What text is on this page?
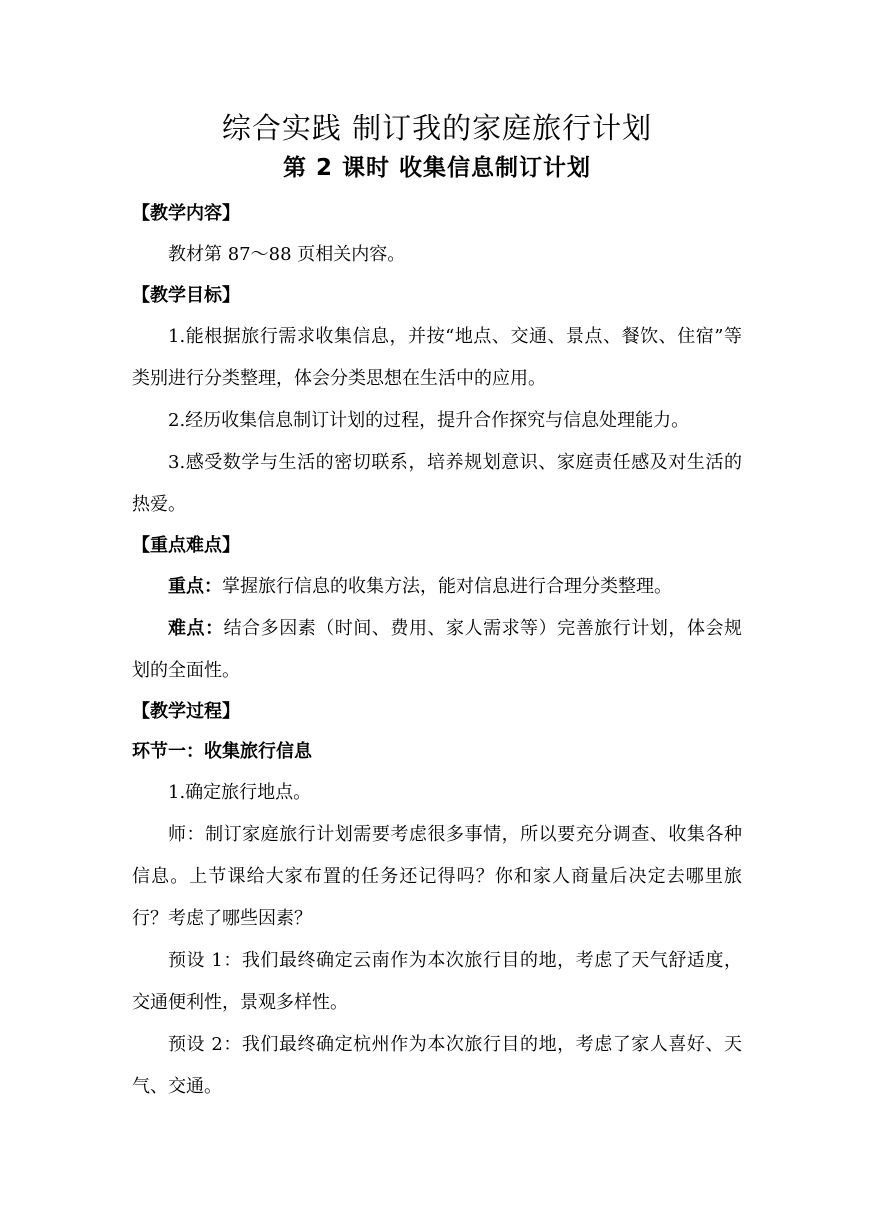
综合实践 制订我的家庭旅行计划
第 2 课时 收集信息制订计划
【教学内容】

教材第 87～88 页相关内容。

【教学目标】

1.能根据旅行需求收集信息，并按“地点、交通、景点、餐饮、住宿”等类别进行分类整理，体会分类思想在生活中的应用。

2.经历收集信息制订计划的过程，提升合作探究与信息处理能力。

3.感受数学与生活的密切联系，培养规划意识、家庭责任感及对生活的热爱。

【重点难点】

重点：掌握旅行信息的收集方法，能对信息进行合理分类整理。

难点：结合多因素（时间、费用、家人需求等）完善旅行计划，体会规划的全面性。

【教学过程】
环节一：收集旅行信息

1.确定旅行地点。

师：制订家庭旅行计划需要考虑很多事情，所以要充分调查、收集各种信息。上节课给大家布置的任务还记得吗？你和家人商量后决定去哪里旅行？考虑了哪些因素？

预设 1：我们最终确定云南作为本次旅行目的地，考虑了天气舒适度，交通便利性，景观多样性。

预设 2：我们最终确定杭州作为本次旅行目的地，考虑了家人喜好、天气、交通。
